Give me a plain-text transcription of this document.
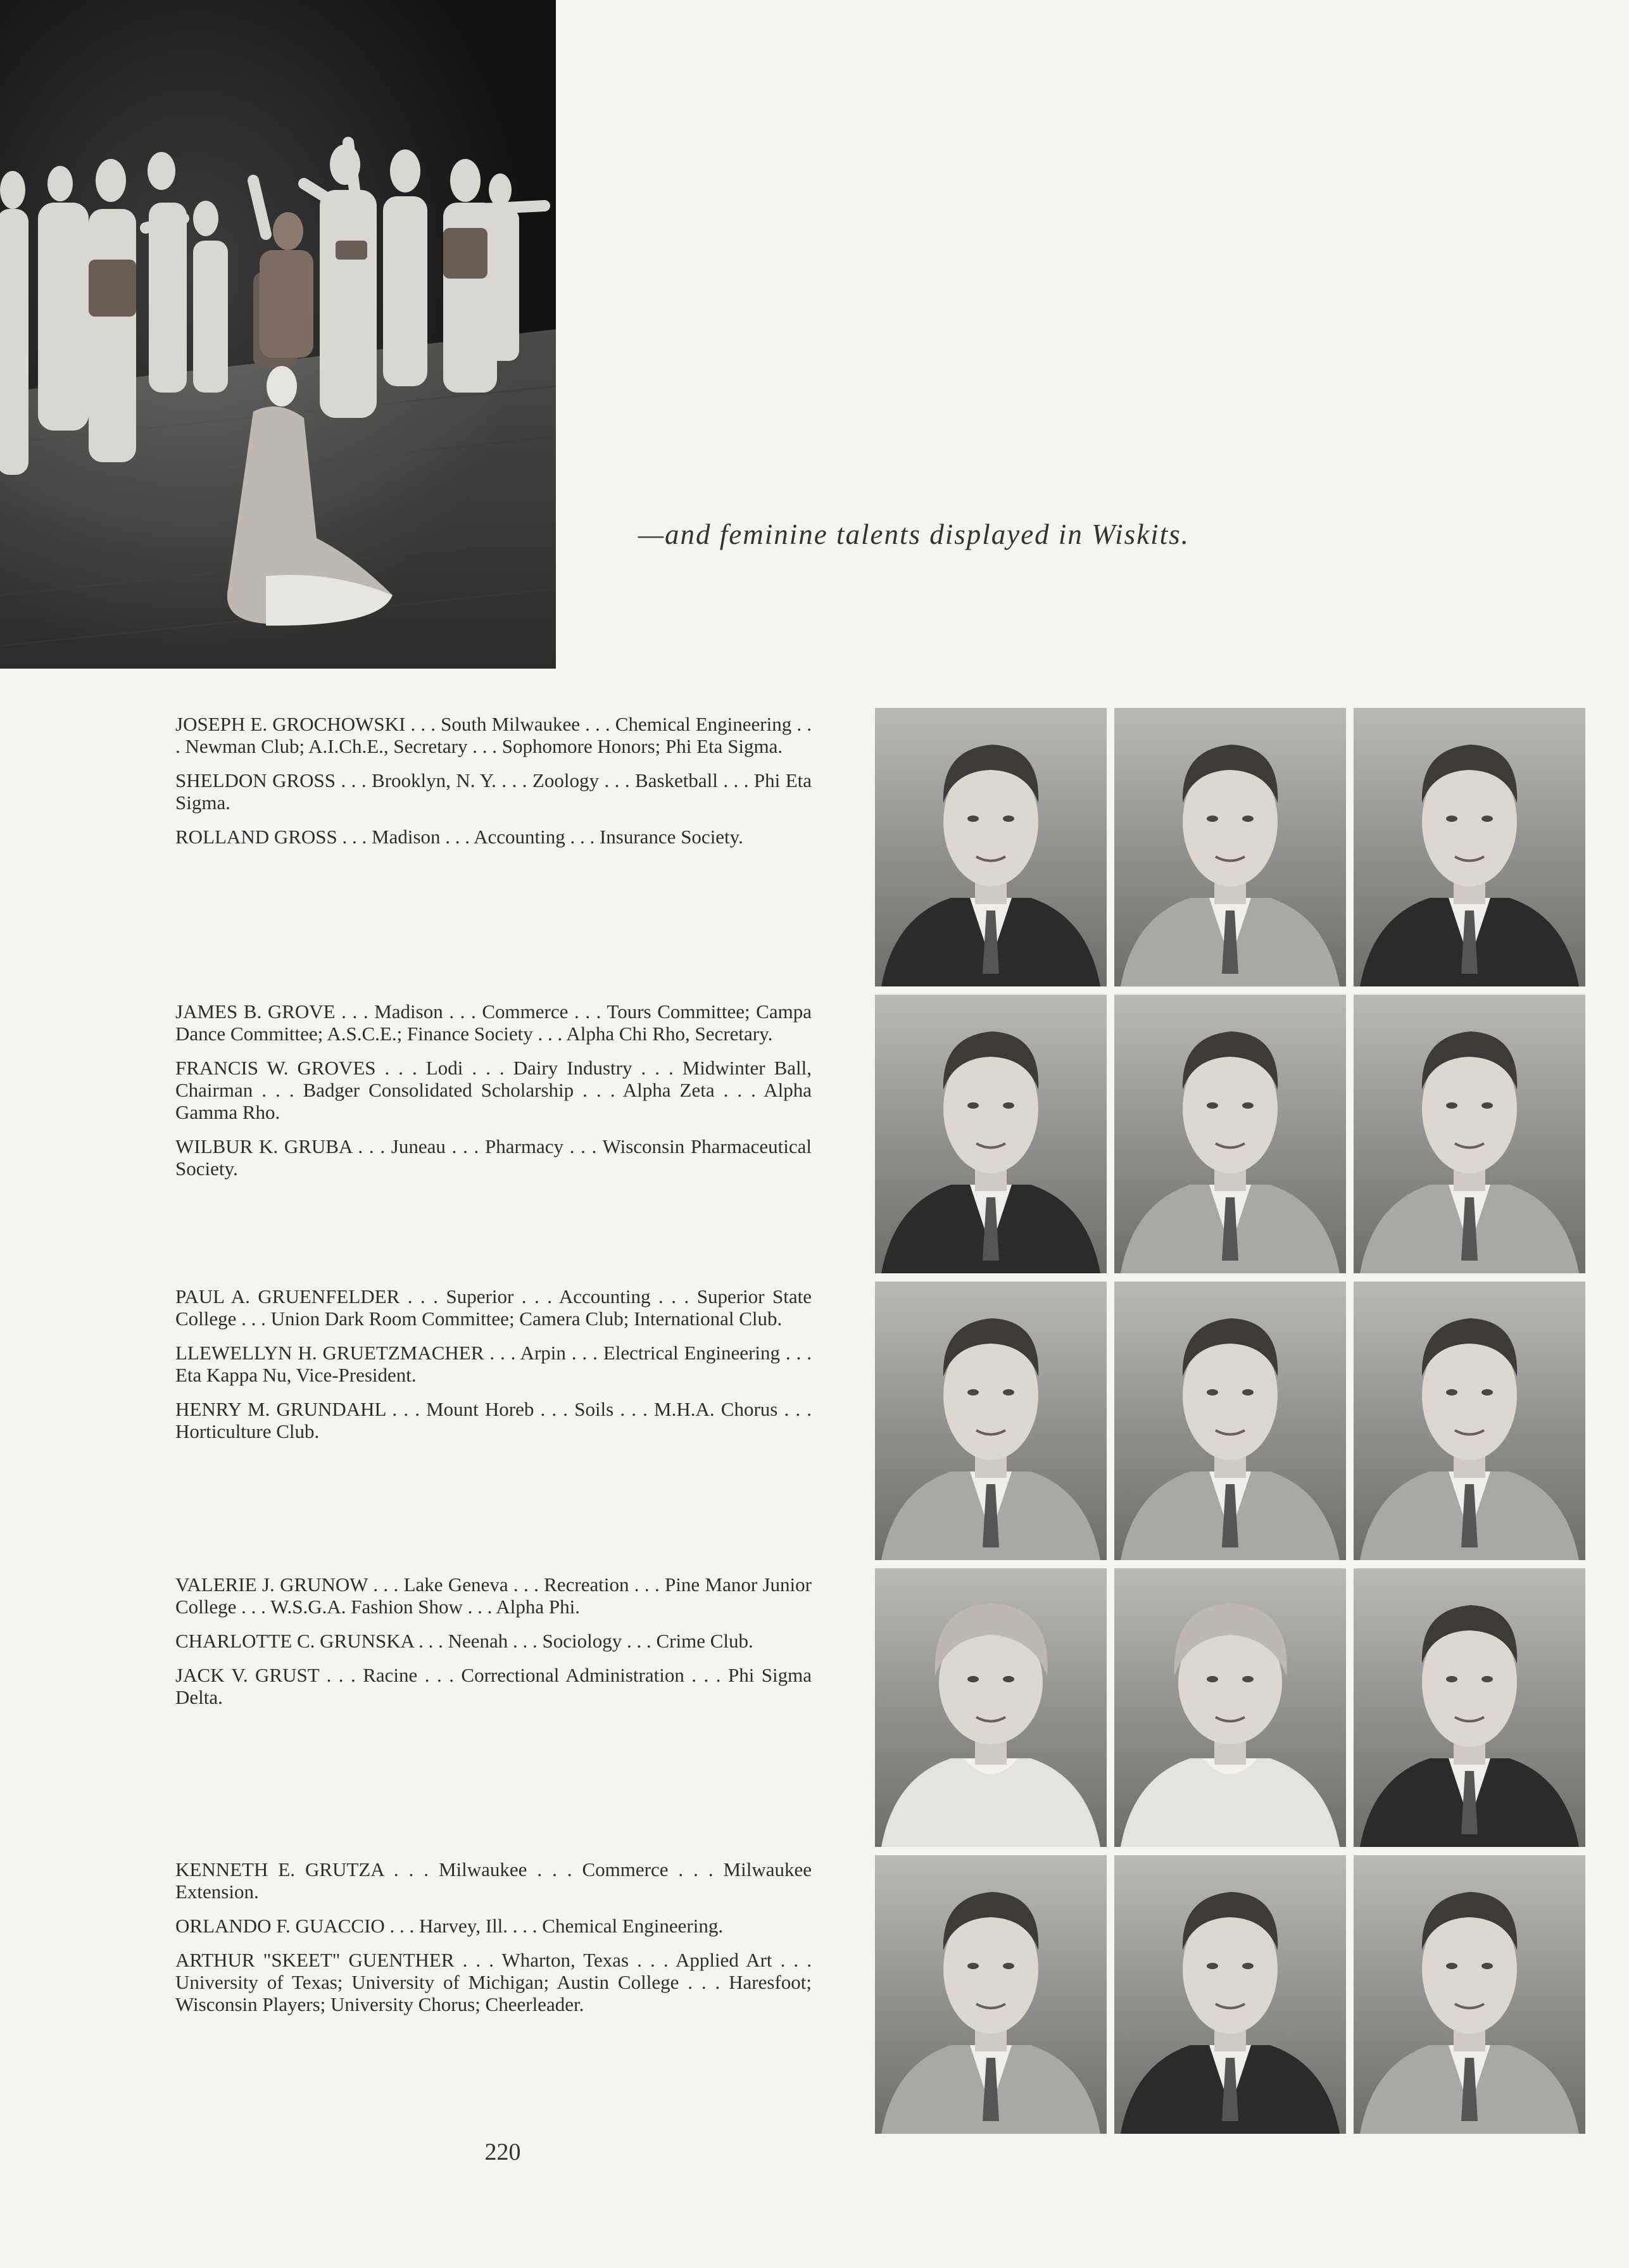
—and feminine talents displayed in Wiskits.

JOSEPH E. GROCHOWSKI . . . South Milwaukee . . . Chemical Engineering . . . Newman Club; A.I.Ch.E., Secretary . . . Sophomore Honors; Phi Eta Sigma.

SHELDON GROSS . . . Brooklyn, N. Y. . . . Zoology . . . Basketball . . . Phi Eta Sigma.

ROLLAND GROSS . . . Madison . . . Accounting . . . Insurance Society.

JAMES B. GROVE . . . Madison . . . Commerce . . . Tours Committee; Campa Dance Committee; A.S.C.E.; Finance Society . . . Alpha Chi Rho, Secretary.

FRANCIS W. GROVES . . . Lodi . . . Dairy Industry . . . Midwinter Ball, Chairman . . . Badger Consolidated Scholarship . . . Alpha Zeta . . . Alpha Gamma Rho.

WILBUR K. GRUBA . . . Juneau . . . Pharmacy . . . Wisconsin Pharmaceutical Society.

PAUL A. GRUENFELDER . . . Superior . . . Accounting . . . Superior State College . . . Union Dark Room Committee; Camera Club; International Club.

LLEWELLYN H. GRUETZMACHER . . . Arpin . . . Electrical Engineering . . . Eta Kappa Nu, Vice-President.

HENRY M. GRUNDAHL . . . Mount Horeb . . . Soils . . . M.H.A. Chorus . . . Horticulture Club.

VALERIE J. GRUNOW . . . Lake Geneva . . . Recreation . . . Pine Manor Junior College . . . W.S.G.A. Fashion Show . . . Alpha Phi.

CHARLOTTE C. GRUNSKA . . . Neenah . . . Sociology . . . Crime Club.

JACK V. GRUST . . . Racine . . . Correctional Administration . . . Phi Sigma Delta.

KENNETH E. GRUTZA . . . Milwaukee . . . Commerce . . . Milwaukee Extension.

ORLANDO F. GUACCIO . . . Harvey, Ill. . . . Chemical Engineering.

ARTHUR "SKEET" GUENTHER . . . Wharton, Texas . . . Applied Art . . . University of Texas; University of Michigan; Austin College . . . Haresfoot; Wisconsin Players; University Chorus; Cheerleader.

220
